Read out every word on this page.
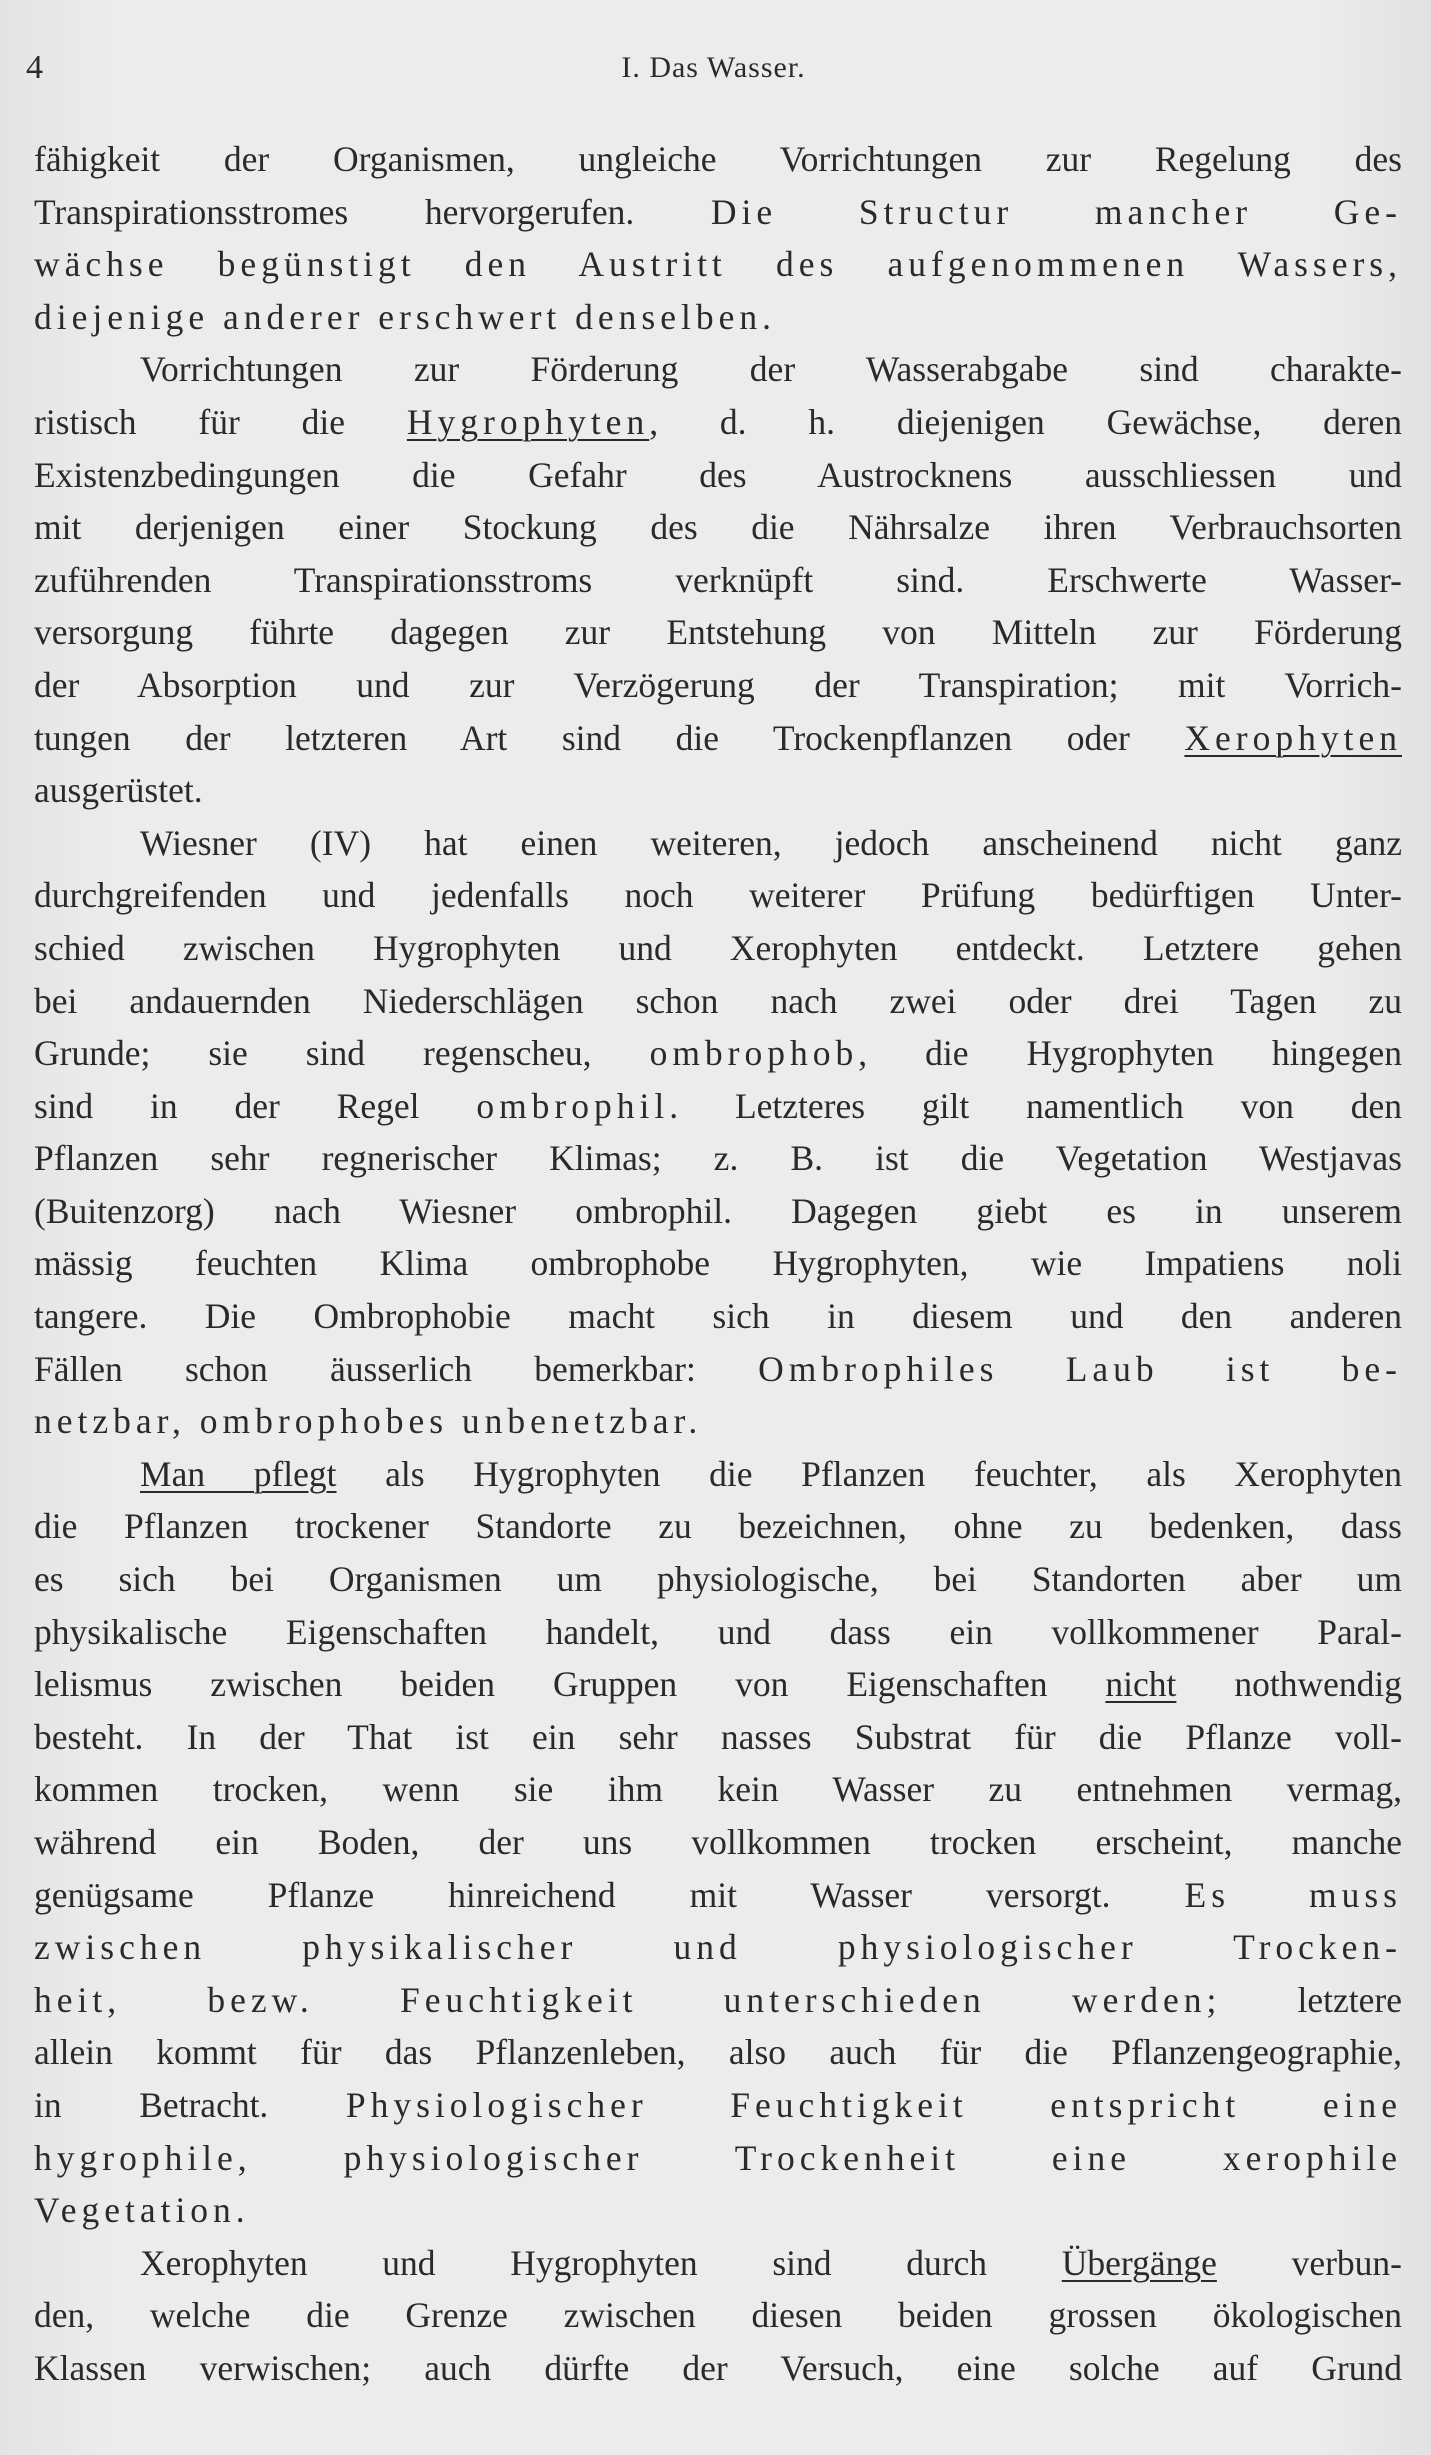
4	I. Das Wasser.
fähigkeit der Organismen, ungleiche Vorrichtungen zur Regelung des
Transpirationsstromes hervorgerufen. Die Structur mancher Ge-
wächse begünstigt den Austritt des aufgenommenen Wassers,
diejenige anderer erschwert denselben.
Vorrichtungen zur Förderung der Wasserabgabe sind charakte-
ristisch für die Hygrophyten, d. h. diejenigen Gewächse, deren
Existenzbedingungen die Gefahr des Austrocknens ausschliessen und
mit derjenigen einer Stockung des die Nährsalze ihren Verbrauchsorten
zuführenden Transpirationsstroms verknüpft sind. Erschwerte Wasser-
versorgung führte dagegen zur Entstehung von Mitteln zur Förderung
der Absorption und zur Verzögerung der Transpiration; mit Vorrich-
tungen der letzteren Art sind die Trockenpflanzen oder Xerophyten
ausgerüstet.
Wiesner (IV) hat einen weiteren, jedoch anscheinend nicht ganz
durchgreifenden und jedenfalls noch weiterer Prüfung bedürftigen Unter-
schied zwischen Hygrophyten und Xerophyten entdeckt. Letztere gehen
bei andauernden Niederschlägen schon nach zwei oder drei Tagen zu
Grunde; sie sind regenscheu, ombrophob, die Hygrophyten hingegen
sind in der Regel ombrophil. Letzteres gilt namentlich von den
Pflanzen sehr regnerischer Klimas; z. B. ist die Vegetation Westjavas
(Buitenzorg) nach Wiesner ombrophil. Dagegen giebt es in unserem
mässig feuchten Klima ombrophobe Hygrophyten, wie Impatiens noli
tangere. Die Ombrophobie macht sich in diesem und den anderen
Fällen schon äusserlich bemerkbar: Ombrophiles Laub ist be-
netzbar, ombrophobes unbenetzbar.
Man pflegt als Hygrophyten die Pflanzen feuchter, als Xerophyten
die Pflanzen trockener Standorte zu bezeichnen, ohne zu bedenken, dass
es sich bei Organismen um physiologische, bei Standorten aber um
physikalische Eigenschaften handelt, und dass ein vollkommener Paral-
lelismus zwischen beiden Gruppen von Eigenschaften nicht nothwendig
besteht. In der That ist ein sehr nasses Substrat für die Pflanze voll-
kommen trocken, wenn sie ihm kein Wasser zu entnehmen vermag,
während ein Boden, der uns vollkommen trocken erscheint, manche
genügsame Pflanze hinreichend mit Wasser versorgt. Es muss
zwischen physikalischer und physiologischer Trocken-
heit, bezw. Feuchtigkeit unterschieden werden; letztere
allein kommt für das Pflanzenleben, also auch für die Pflanzengeographie,
in Betracht. Physiologischer Feuchtigkeit entspricht eine
hygrophile, physiologischer Trockenheit eine xerophile
Vegetation.
Xerophyten und Hygrophyten sind durch Übergänge verbun-
den, welche die Grenze zwischen diesen beiden grossen ökologischen
Klassen verwischen; auch dürfte der Versuch, eine solche auf Grund
